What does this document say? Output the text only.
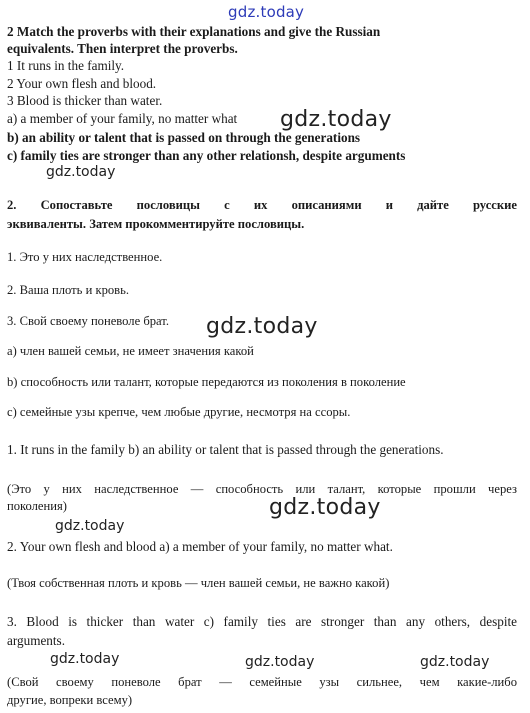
gdz.today
gdz.today
gdz.today
gdz.today
gdz.today
gdz.today
gdz.today	gdz.today	gdz.today
2 Match the proverbs with their explanations and give the Russian
equivalents. Then interpret the proverbs.
1 It runs in the family.
2 Your own flesh and blood.
3 Blood is thicker than water.
a) a member of your family, no matter what
b) an ability or talent that is passed on through the generations
c) family ties are stronger than any other relationsh, despite arguments
2. Сопоставьте пословицы с их описаниями и дайте русские
эквиваленты. Затем прокомментируйте пословицы.
1. Это у них наследственное.
2. Ваша плоть и кровь.
3. Свой своему поневоле брат.
а) член вашей семьи, не имеет значения какой
b) способность или талант, которые передаются из поколения в поколение
с) семейные узы крепче, чем любые другие, несмотря на ссоры.
1. It runs in the family b) an ability or talent that is passed through the generations.
(Это у них наследственное — способность или талант, которые прошли через
поколения)
2. Your own flesh and blood a) a member of your family, no matter what.
(Твоя собственная плоть и кровь — член вашей семьи, не важно какой)
3. Blood is thicker than water c) family ties are stronger than any others, despite
arguments.
(Свой своему поневоле брат — семейные узы сильнее, чем какие-либо
другие, вопреки всему)
